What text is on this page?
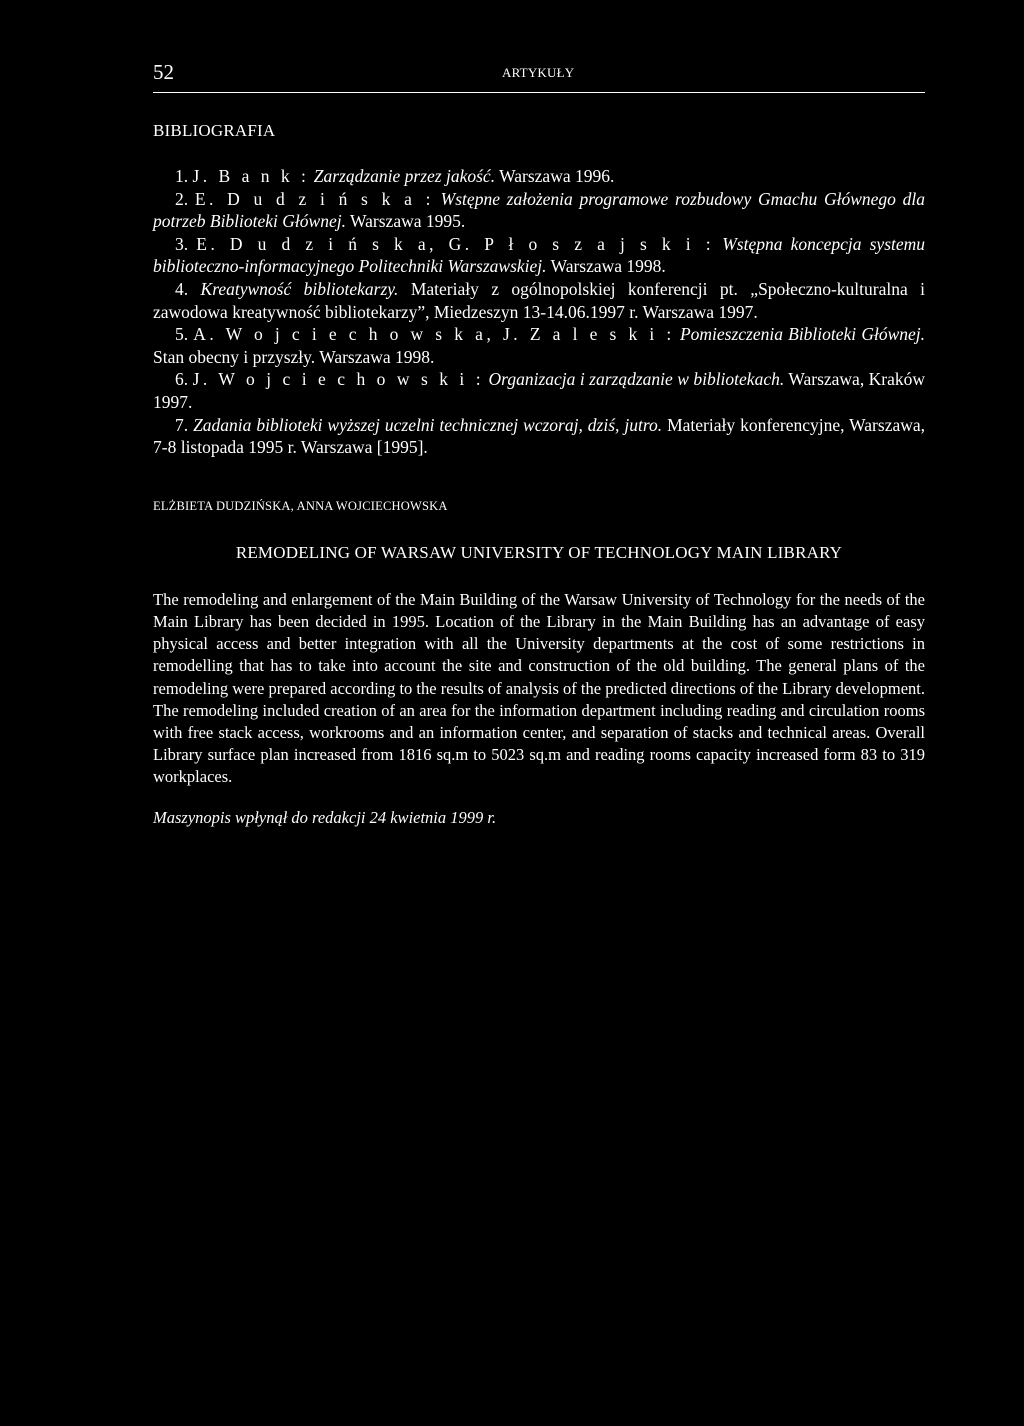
52	ARTYKUŁY
BIBLIOGRAFIA
1. J. B a n k : Zarządzanie przez jakość. Warszawa 1996.
2. E. D u d z i ń s k a : Wstępne założenia programowe rozbudowy Gmachu Głównego dla potrzeb Biblioteki Głównej. Warszawa 1995.
3. E. D u d z i ń s k a, G. P ł o s z a j s k i : Wstępna koncepcja systemu biblioteczno-informacyjnego Politechniki Warszawskiej. Warszawa 1998.
4. Kreatywność bibliotekarzy. Materiały z ogólnopolskiej konferencji pt. „Społeczno-kulturalna i zawodowa kreatywność bibliotekarzy”, Miedzeszyn 13-14.06.1997 r. Warszawa 1997.
5. A. W o j c i e c h o w s k a, J. Z a l e s k i : Pomieszczenia Biblioteki Głównej. Stan obecny i przyszły. Warszawa 1998.
6. J. W o j c i e c h o w s k i : Organizacja i zarządzanie w bibliotekach. Warszawa, Kraków 1997.
7. Zadania biblioteki wyższej uczelni technicznej wczoraj, dziś, jutro. Materiały konferencyjne, Warszawa, 7-8 listopada 1995 r. Warszawa [1995].
ELŻBIETA DUDZIŃSKA, ANNA WOJCIECHOWSKA
REMODELING OF WARSAW UNIVERSITY OF TECHNOLOGY MAIN LIBRARY

The remodeling and enlargement of the Main Building of the Warsaw University of Technology for the needs of the Main Library has been decided in 1995. Location of the Library in the Main Building has an advantage of easy physical access and better integration with all the University departments at the cost of some restrictions in remodelling that has to take into account the site and construction of the old building. The general plans of the remodeling were prepared according to the results of analysis of the predicted directions of the Library development. The remodeling included creation of an area for the information department including reading and circulation rooms with free stack access, workrooms and an information center, and separation of stacks and technical areas. Overall Library surface plan increased from 1816 sq.m to 5023 sq.m and reading rooms capacity increased form 83 to 319 workplaces.

Maszynopis wpłynął do redakcji 24 kwietnia 1999 r.
